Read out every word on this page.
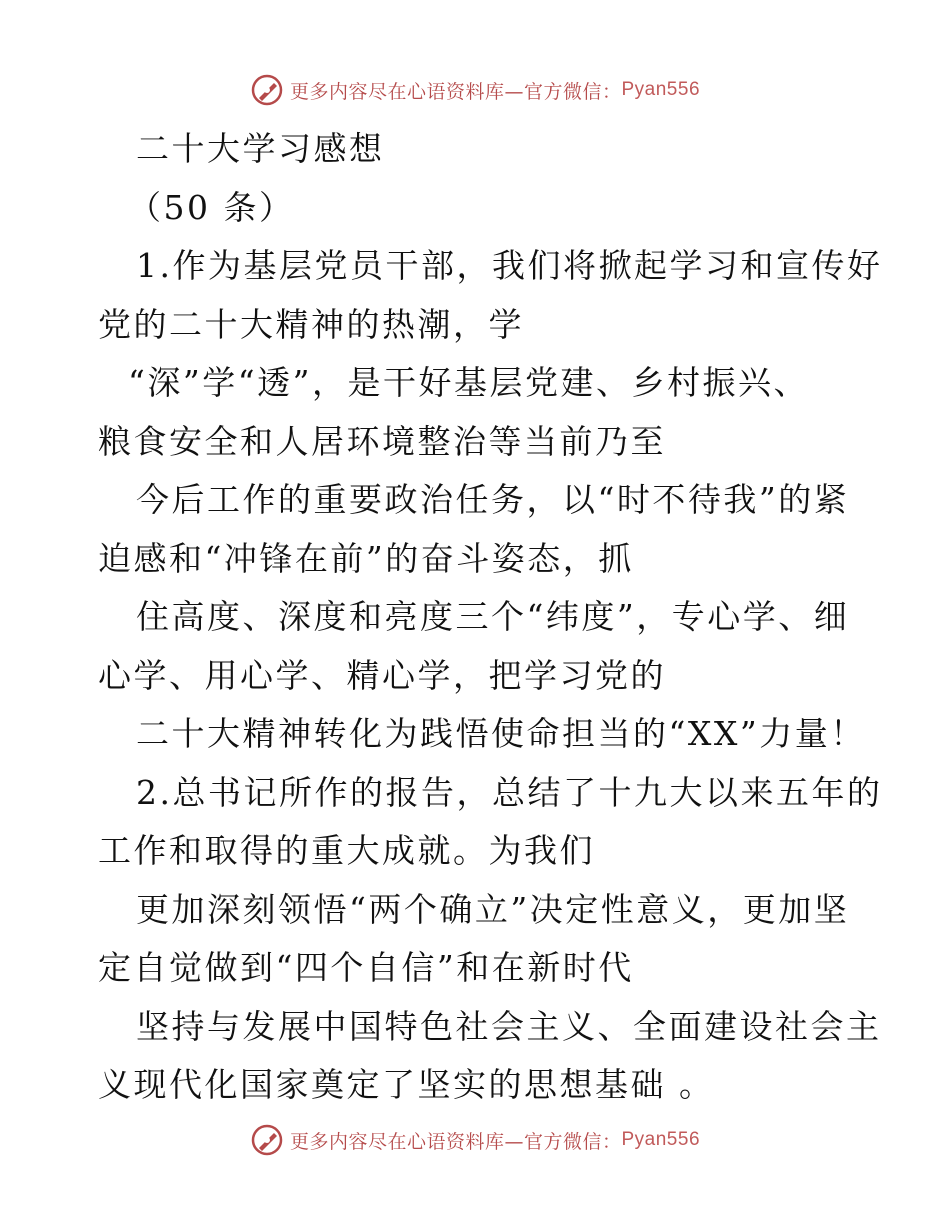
更多内容尽在心语资料库—官方微信： Pyan556
二十大学习感想
（50 条）
1.作为基层党员干部，我们将掀起学习和宣传好
党的二十大精神的热潮，学
“深”学“透”，是干好基层党建、乡村振兴、
粮食安全和人居环境整治等当前乃至
今后工作的重要政治任务，以“时不待我”的紧
迫感和“冲锋在前”的奋斗姿态，抓
住高度、深度和亮度三个“纬度”，专心学、细
心学、用心学、精心学，把学习党的
二十大精神转化为践悟使命担当的“XX”力量！
2.总书记所作的报告，总结了十九大以来五年的
工作和取得的重大成就。为我们
更加深刻领悟“两个确立”决定性意义，更加坚
定自觉做到“四个自信”和在新时代
坚持与发展中国特色社会主义、全面建设社会主
义现代化国家奠定了坚实的思想基础 。
更多内容尽在心语资料库—官方微信： Pyan556
